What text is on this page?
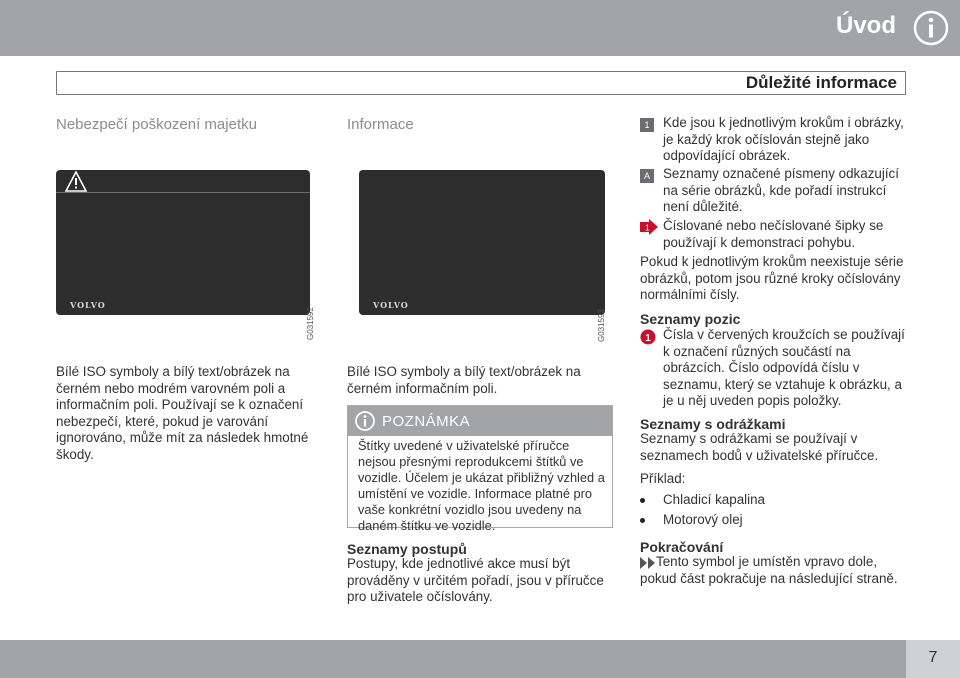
Úvod
Důležité informace
Nebezpečí poškození majetku
VOLVO
G031592
Bílé ISO symboly a bílý text/obrázek na černém nebo modrém varovném poli a informačním poli. Používají se k označení nebezpečí, které, pokud je varování ignorováno, může mít za následek hmotné škody.
Informace
VOLVO
G031593
Bílé ISO symboly a bílý text/obrázek na černém informačním poli.
POZNÁMKA
Štítky uvedené v uživatelské příručce nejsou přesnými reprodukcemi štítků ve vozidle. Účelem je ukázat přibližný vzhled a umístění ve vozidle. Informace platné pro vaše konkrétní vozidlo jsou uvedeny na daném štítku ve vozidle.
Seznamy postupů
Postupy, kde jednotlivé akce musí být prováděny v určitém pořadí, jsou v příručce pro uživatele očíslovány.
1	Kde jsou k jednotlivým krokům i obrázky, je každý krok očíslován stejně jako odpovídající obrázek.
A Seznamy označené písmeny odkazující na série obrázků, kde pořadí instrukcí není důležité.
1 Číslované nebo nečíslované šipky se používají k demonstraci pohybu.
Pokud k jednotlivým krokům neexistuje série obrázků, potom jsou různé kroky očíslovány normálními čísly.
Seznamy pozic
1 Čísla v červených kroužcích se používají k označení různých součástí na obrázcích. Číslo odpovídá číslu v seznamu, který se vztahuje k obrázku, a je u něj uveden popis položky.
Seznamy s odrážkami
Seznamy s odrážkami se používají v seznamech bodů v uživatelské příručce.
Příklad:
Chladicí kapalina
Motorový olej
Pokračování
Tento symbol je umístěn vpravo dole, pokud část pokračuje na následující straně.
7
